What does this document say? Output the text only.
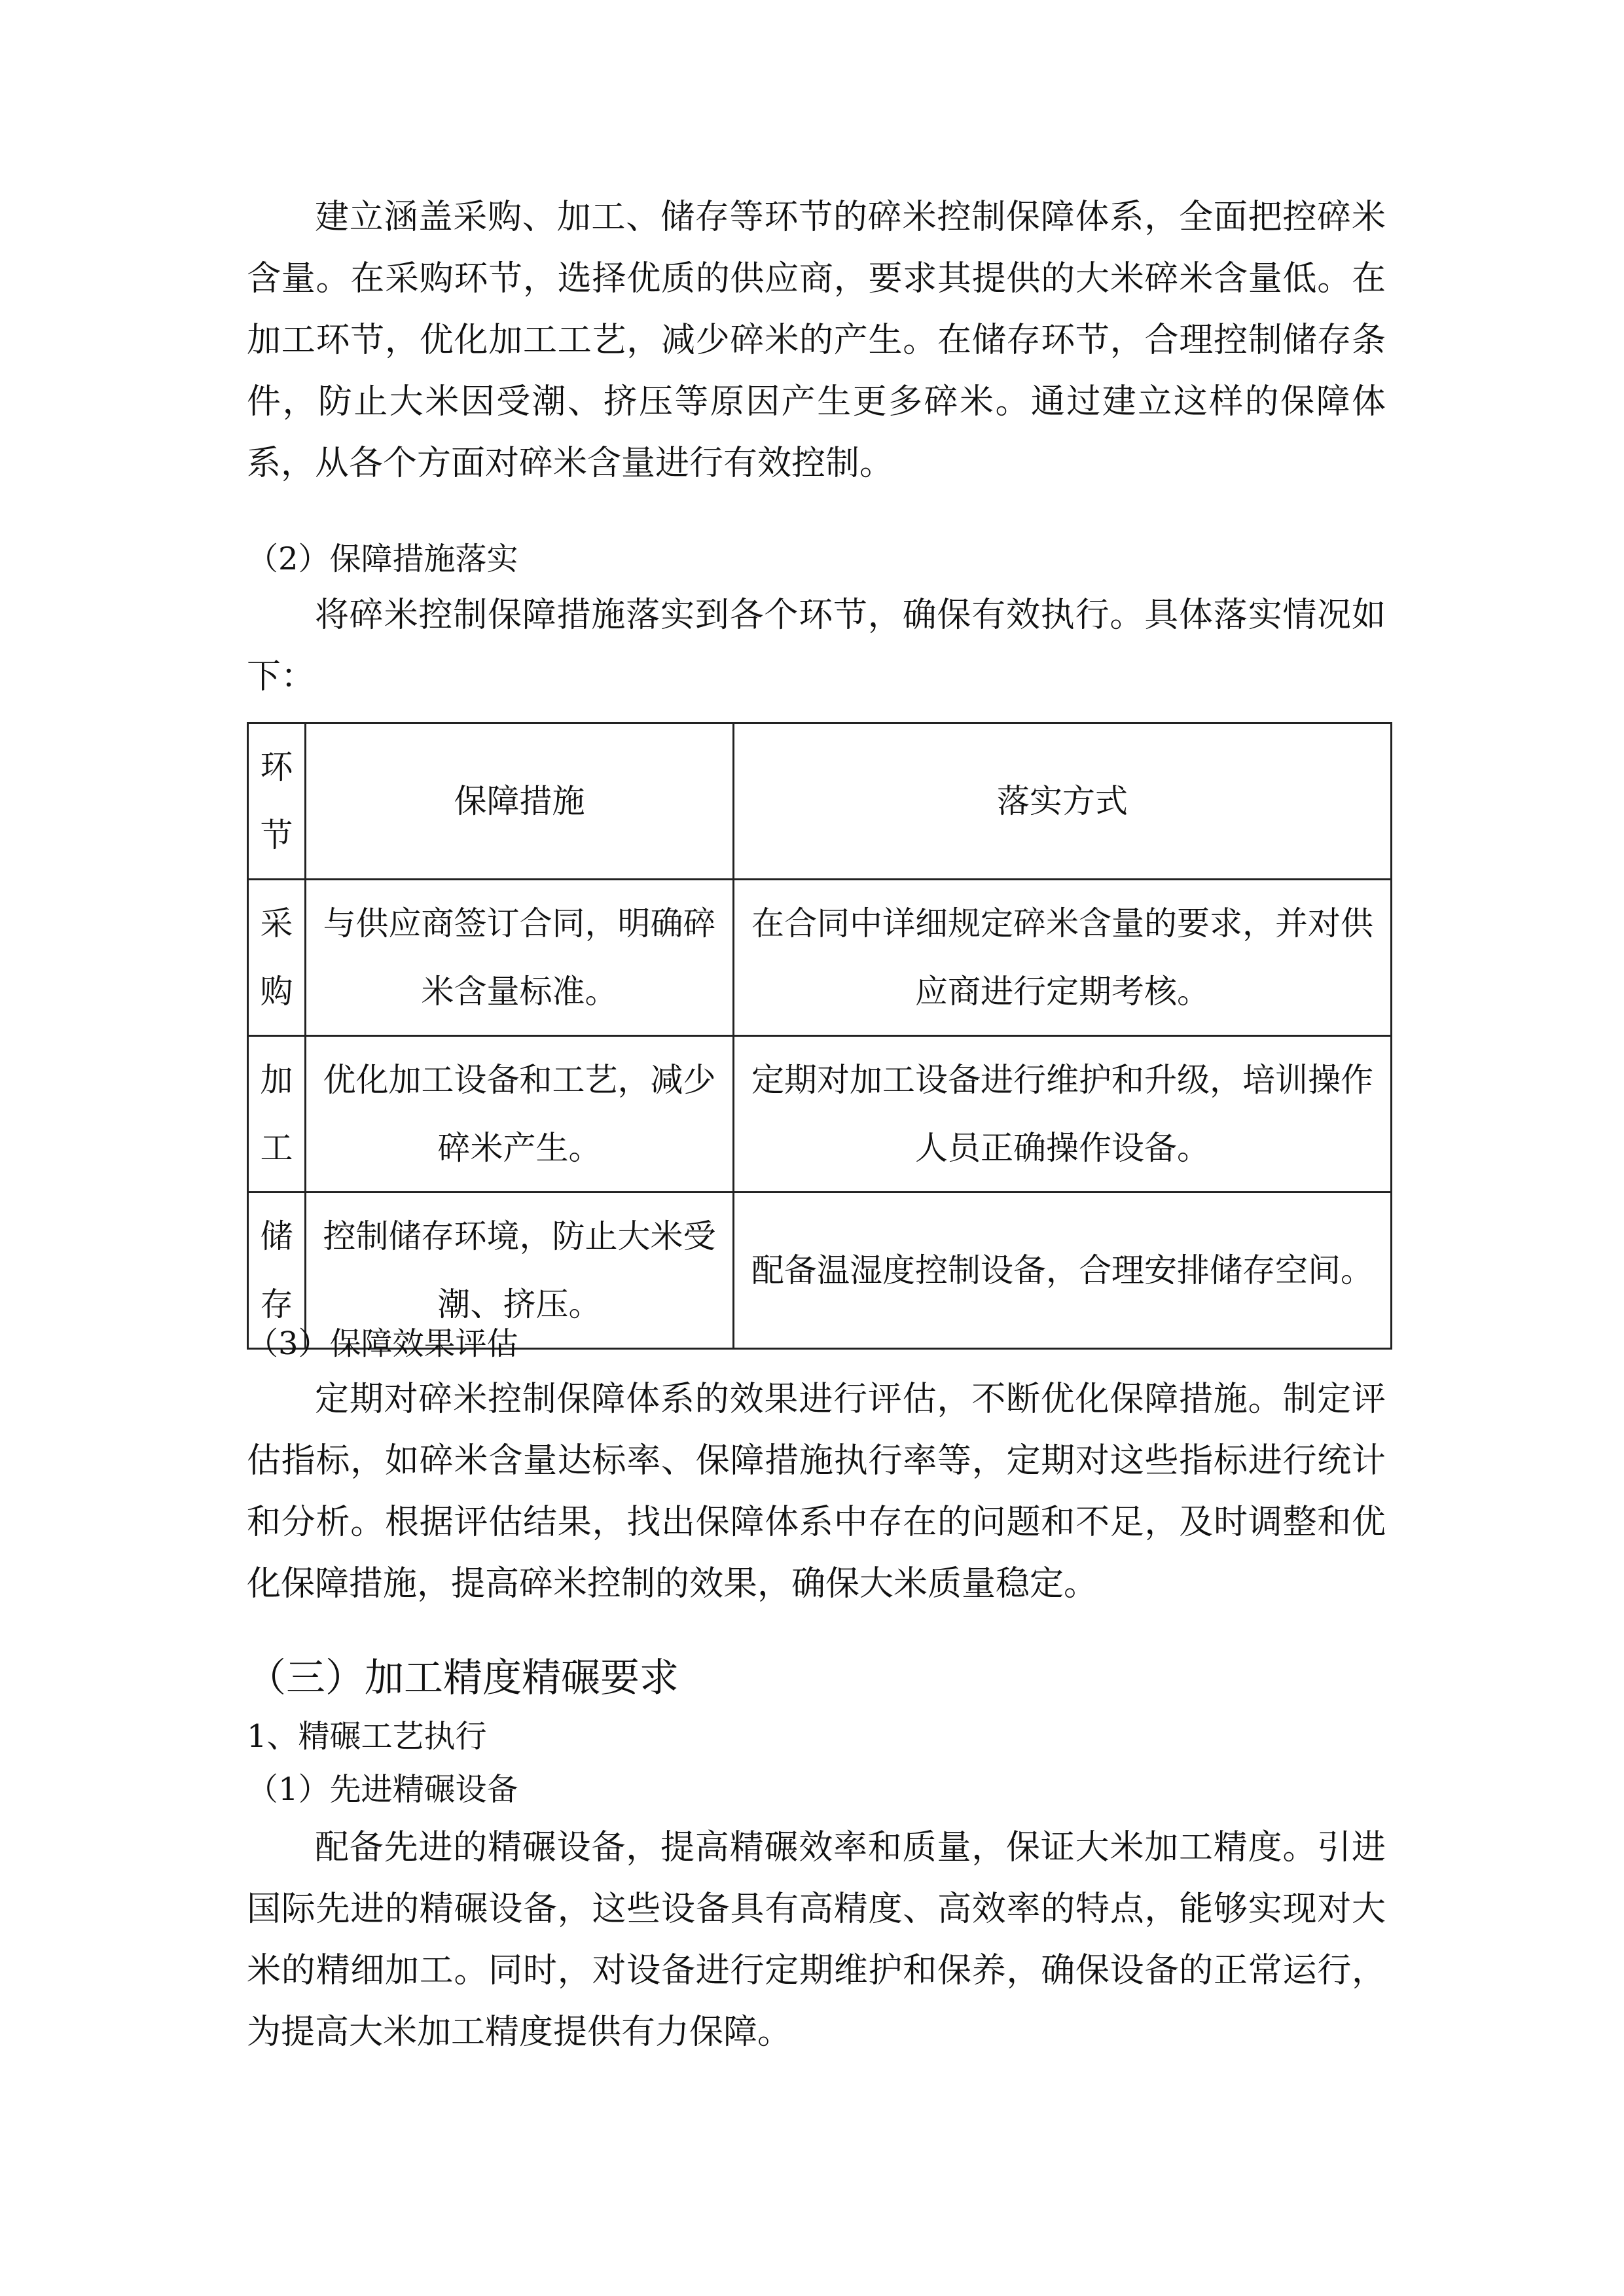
建立涵盖采购、加工、储存等环节的碎米控制保障体系，全面把控碎米含量。在采购环节，选择优质的供应商，要求其提供的大米碎米含量低。在加工环节，优化加工工艺，减少碎米的产生。在储存环节，合理控制储存条件，防止大米因受潮、挤压等原因产生更多碎米。通过建立这样的保障体系，从各个方面对碎米含量进行有效控制。

（2）保障措施落实

将碎米控制保障措施落实到各个环节，确保有效执行。具体落实情况如下：

环节	保障措施	落实方式
采购	与供应商签订合同，明确碎米含量标准。	在合同中详细规定碎米含量的要求，并对供应商进行定期考核。
加工	优化加工设备和工艺，减少碎米产生。	定期对加工设备进行维护和升级，培训操作人员正确操作设备。
储存	控制储存环境，防止大米受潮、挤压。	配备温湿度控制设备，合理安排储存空间。

（3）保障效果评估

定期对碎米控制保障体系的效果进行评估，不断优化保障措施。制定评估指标，如碎米含量达标率、保障措施执行率等，定期对这些指标进行统计和分析。根据评估结果，找出保障体系中存在的问题和不足，及时调整和优化保障措施，提高碎米控制的效果，确保大米质量稳定。

（三）加工精度精碾要求

1、精碾工艺执行

（1）先进精碾设备

配备先进的精碾设备，提高精碾效率和质量，保证大米加工精度。引进国际先进的精碾设备，这些设备具有高精度、高效率的特点，能够实现对大米的精细加工。同时，对设备进行定期维护和保养，确保设备的正常运行，为提高大米加工精度提供有力保障。
